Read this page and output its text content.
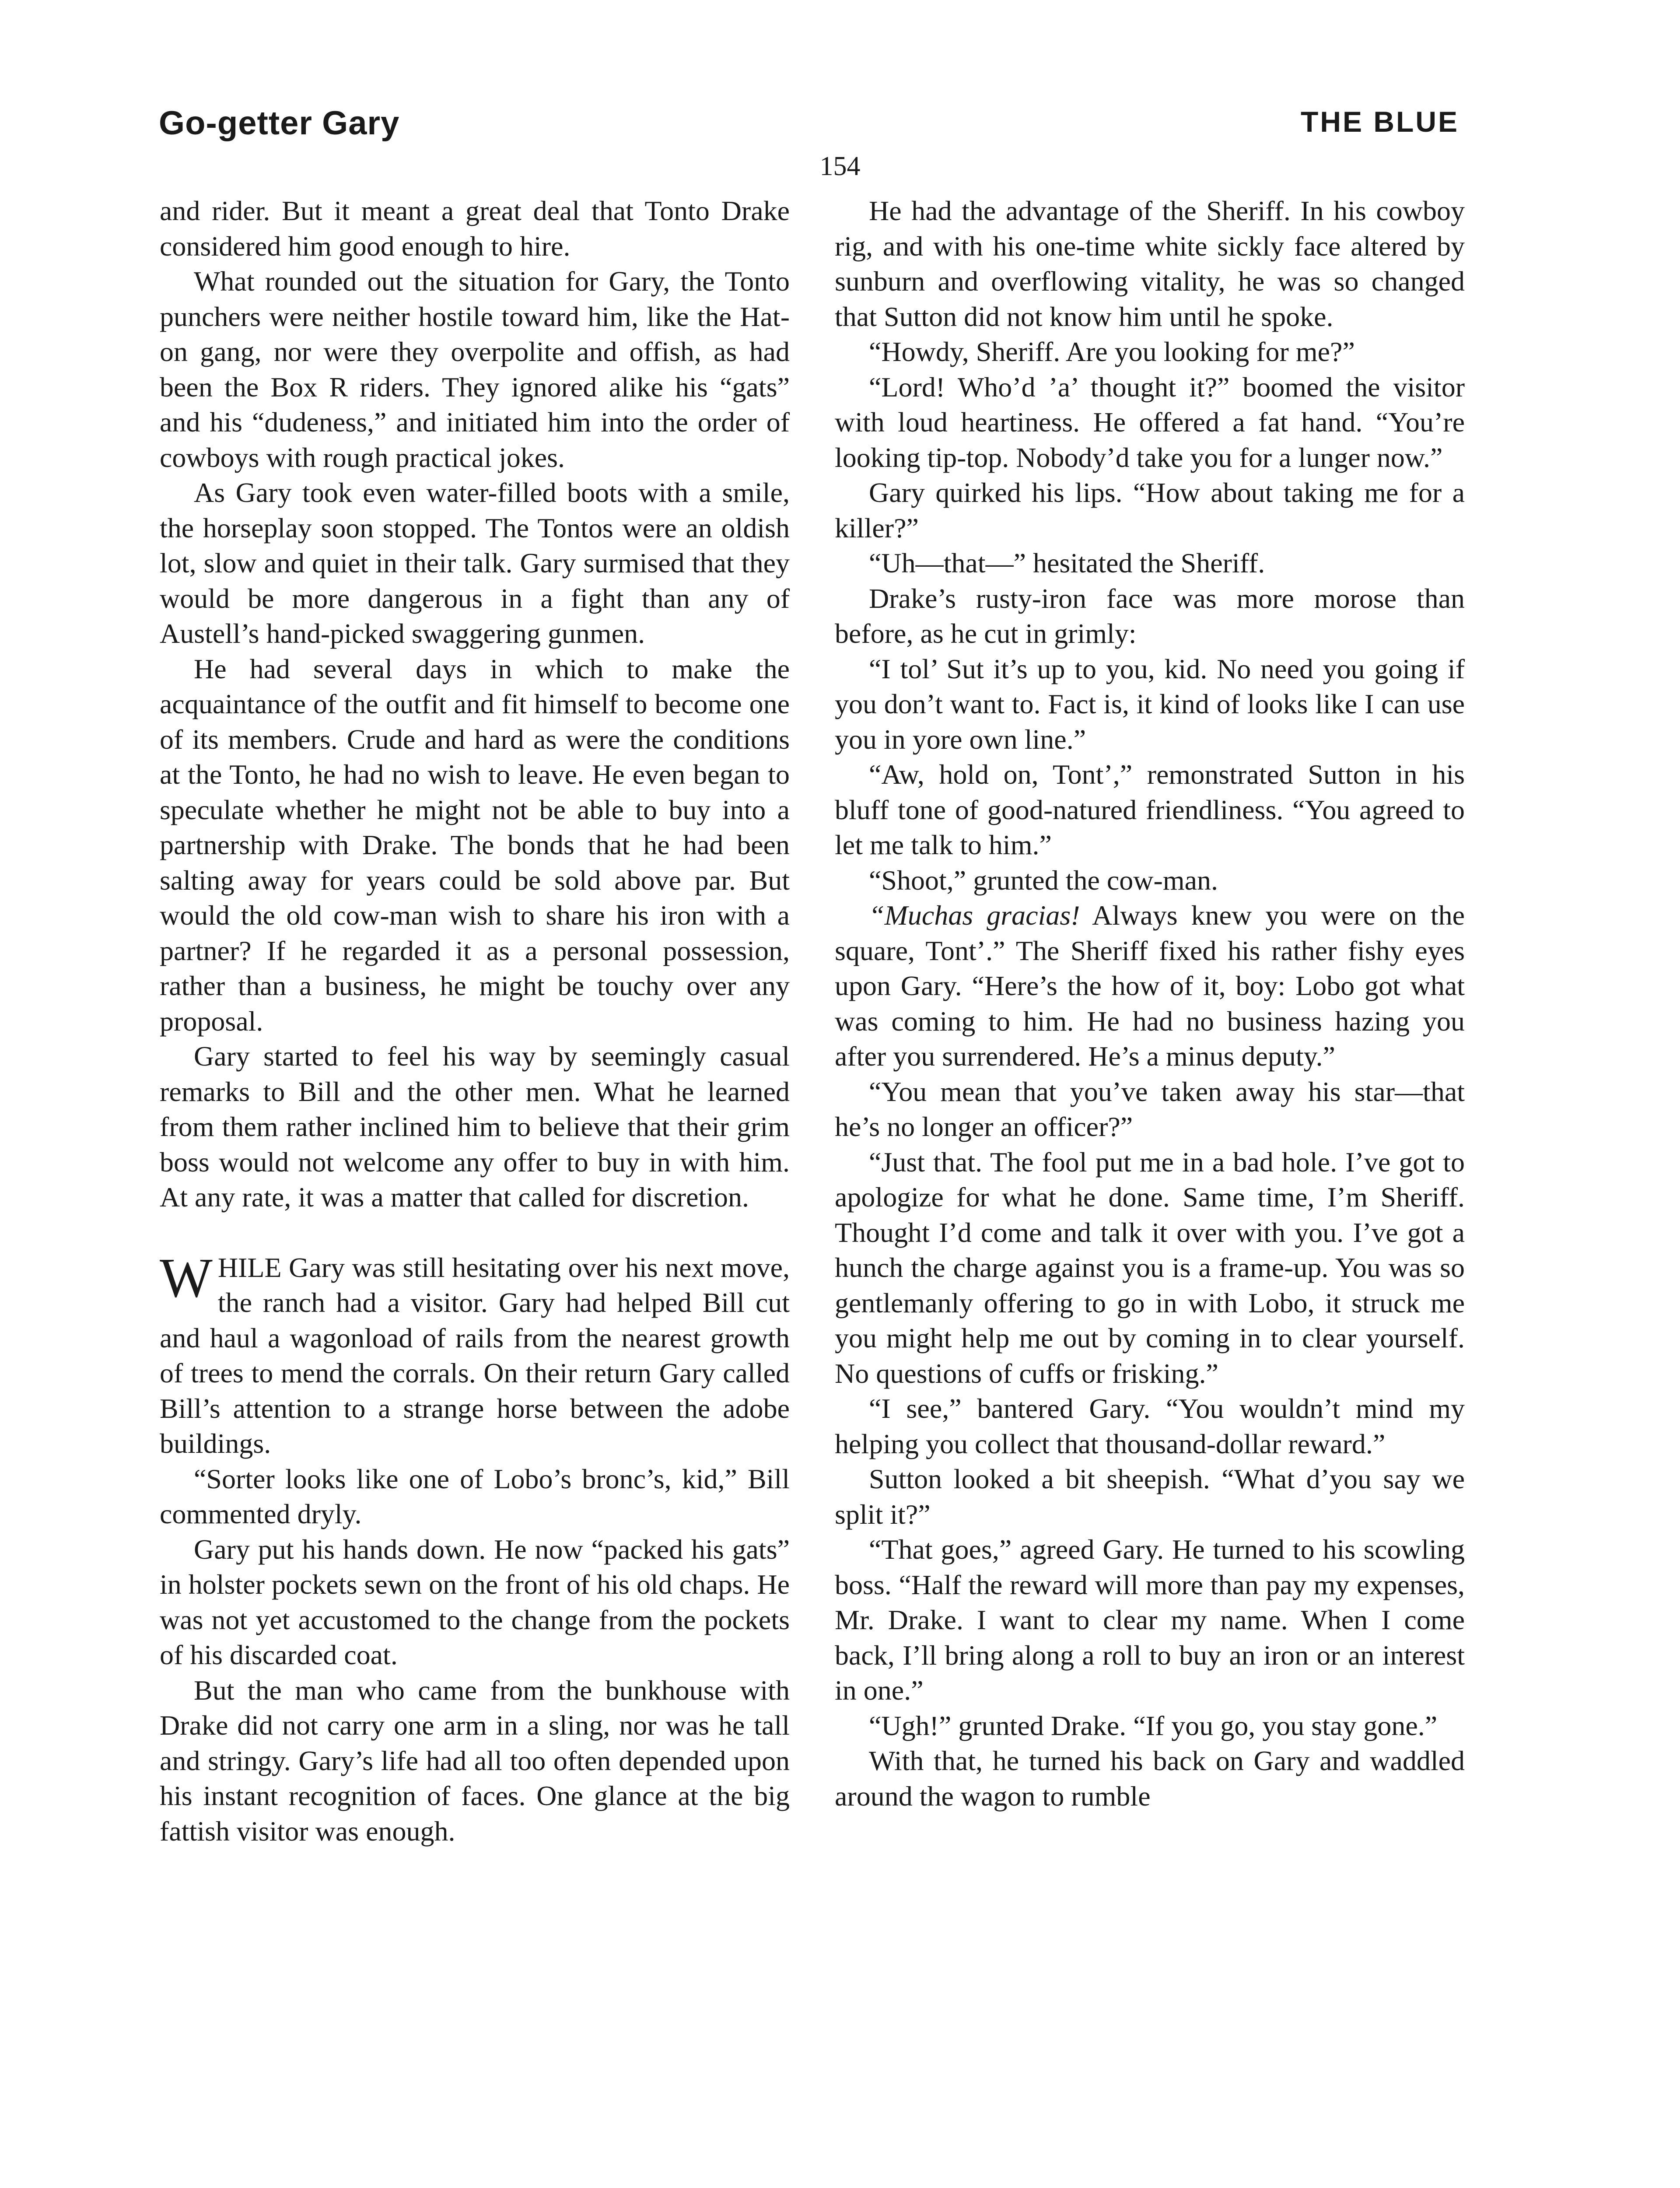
Go-getter Gary	THE BLUE
154

and rider. But it meant a great deal that Tonto Drake considered him good enough to hire.

What rounded out the situation for Gary, the Tonto punchers were neither hostile toward him, like the Hat-on gang, nor were they overpolite and offish, as had been the Box R riders. They ignored alike his “gats” and his “dudeness,” and initiated him into the order of cowboys with rough practical jokes.

As Gary took even water-filled boots with a smile, the horseplay soon stopped. The Tontos were an oldish lot, slow and quiet in their talk. Gary surmised that they would be more dangerous in a fight than any of Austell’s hand-picked swaggering gunmen.

He had several days in which to make the acquaintance of the outfit and fit himself to become one of its members. Crude and hard as were the conditions at the Tonto, he had no wish to leave. He even began to speculate whether he might not be able to buy into a partnership with Drake. The bonds that he had been salting away for years could be sold above par. But would the old cow-man wish to share his iron with a partner? If he regarded it as a personal possession, rather than a business, he might be touchy over any proposal.

Gary started to feel his way by seemingly casual remarks to Bill and the other men. What he learned from them rather inclined him to believe that their grim boss would not welcome any offer to buy in with him. At any rate, it was a matter that called for discretion.

WHILE Gary was still hesitating over his next move, the ranch had a visitor. Gary had helped Bill cut and haul a wagonload of rails from the nearest growth of trees to mend the corrals. On their return Gary called Bill’s attention to a strange horse between the adobe buildings.

“Sorter looks like one of Lobo’s bronc’s, kid,” Bill commented dryly.

Gary put his hands down. He now “packed his gats” in holster pockets sewn on the front of his old chaps. He was not yet accustomed to the change from the pockets of his discarded coat.

But the man who came from the bunkhouse with Drake did not carry one arm in a sling, nor was he tall and stringy. Gary’s life had all too often depended upon his instant recognition of faces. One glance at the big fattish visitor was enough.

He had the advantage of the Sheriff. In his cowboy rig, and with his one-time white sickly face altered by sunburn and overflowing vitality, he was so changed that Sutton did not know him until he spoke.

“Howdy, Sheriff. Are you looking for me?”

“Lord! Who’d ’a’ thought it?” boomed the visitor with loud heartiness. He offered a fat hand. “You’re looking tip-top. Nobody’d take you for a lunger now.”

Gary quirked his lips. “How about taking me for a killer?”

“Uh—that—” hesitated the Sheriff.

Drake’s rusty-iron face was more morose than before, as he cut in grimly:

“I tol’ Sut it’s up to you, kid. No need you going if you don’t want to. Fact is, it kind of looks like I can use you in yore own line.”

“Aw, hold on, Tont’,” remonstrated Sutton in his bluff tone of good-natured friendliness. “You agreed to let me talk to him.”

“Shoot,” grunted the cow-man.

“Muchas gracias! Always knew you were on the square, Tont’.” The Sheriff fixed his rather fishy eyes upon Gary. “Here’s the how of it, boy: Lobo got what was coming to him. He had no business hazing you after you surrendered. He’s a minus deputy.”

“You mean that you’ve taken away his star—that he’s no longer an officer?”

“Just that. The fool put me in a bad hole. I’ve got to apologize for what he done. Same time, I’m Sheriff. Thought I’d come and talk it over with you. I’ve got a hunch the charge against you is a frame-up. You was so gentlemanly offering to go in with Lobo, it struck me you might help me out by coming in to clear yourself. No questions of cuffs or frisking.”

“I see,” bantered Gary. “You wouldn’t mind my helping you collect that thousand-dollar reward.”

Sutton looked a bit sheepish. “What d’you say we split it?”

“That goes,” agreed Gary. He turned to his scowling boss. “Half the reward will more than pay my expenses, Mr. Drake. I want to clear my name. When I come back, I’ll bring along a roll to buy an iron or an interest in one.”

“Ugh!” grunted Drake. “If you go, you stay gone.”

With that, he turned his back on Gary and waddled around the wagon to rumble
